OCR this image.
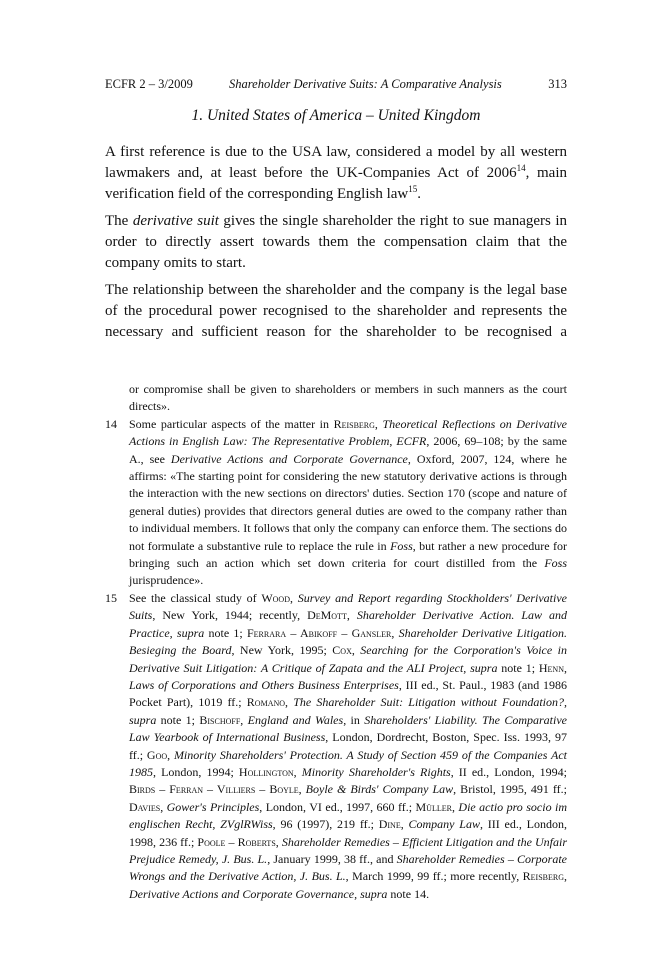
ECFR 2 – 3/2009	Shareholder Derivative Suits: A Comparative Analysis	313
1. United States of America – United Kingdom

A first reference is due to the USA law, considered a model by all western lawmakers and, at least before the UK-Companies Act of 2006$^{14}$, main verification field of the corresponding English law$^{15}$.

The derivative suit gives the single shareholder the right to sue managers in order to directly assert towards them the compensation claim that the company omits to start.

The relationship between the shareholder and the company is the legal base of the procedural power recognised to the shareholder and represents the necessary and sufficient reason for the shareholder to be recognised a

or compromise shall be given to shareholders or members in such manners as the court directs».

14 Some particular aspects of the matter in Reisberg, Theoretical Reflections on Derivative Actions in English Law: The Representative Problem, ECFR, 2006, 69–108; by the same A., see Derivative Actions and Corporate Governance, Oxford, 2007, 124, where he affirms: «The starting point for considering the new statutory derivative actions is through the interaction with the new sections on directors' duties. Section 170 (scope and nature of general duties) provides that directors general duties are owed to the company rather than to individual members. It follows that only the company can enforce them. The sections do not formulate a substantive rule to replace the rule in Foss, but rather a new procedure for bringing such an action which set down criteria for court distilled from the Foss jurisprudence».

15 See the classical study of Wood, Survey and Report regarding Stockholders' Derivative Suits, New York, 1944; recently, DeMott, Shareholder Derivative Action. Law and Practice, supra note 1; Ferrara – Abikoff – Gansler, Shareholder Derivative Litigation. Besieging the Board, New York, 1995; Cox, Searching for the Corporation's Voice in Derivative Suit Litigation: A Critique of Zapata and the ALI Project, supra note 1; Henn, Laws of Corporations and Others Business Enterprises, III ed., St. Paul., 1983 (and 1986 Pocket Part), 1019 ff.; Romano, The Shareholder Suit: Litigation without Foundation?, supra note 1; Bischoff, England and Wales, in Shareholders' Liability. The Comparative Law Yearbook of International Business, London, Dordrecht, Boston, Spec. Iss. 1993, 97 ff.; Goo, Minority Shareholders' Protection. A Study of Section 459 of the Companies Act 1985, London, 1994; Hollington, Minority Shareholder's Rights, II ed., London, 1994; Birds – Ferran – Villiers – Boyle, Boyle & Birds' Company Law, Bristol, 1995, 491 ff.; Davies, Gower's Principles, London, VI ed., 1997, 660 ff.; Müller, Die actio pro socio im englischen Recht, ZVglRWiss, 96 (1997), 219 ff.; Dine, Company Law, III ed., London, 1998, 236 ff.; Poole – Roberts, Shareholder Remedies – Efficient Litigation and the Unfair Prejudice Remedy, J. Bus. L., January 1999, 38 ff., and Shareholder Remedies – Corporate Wrongs and the Derivative Action, J. Bus. L., March 1999, 99 ff.; more recently, Reisberg, Derivative Actions and Corporate Governance, supra note 14.
